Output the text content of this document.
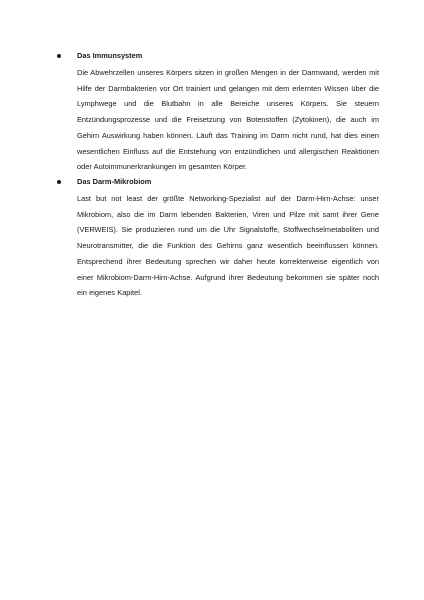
Das Immunsystem

Die Abwehrzellen unseres Körpers sitzen in großen Mengen in der Darmwand, werden mit Hilfe der Darmbakterien vor Ort trainiert und gelangen mit dem erlernten Wissen über die Lymphwege und die Blutbahn in alle Bereiche unseres Körpers. Sie steuern Entzündungsprozesse und die Freisetzung von Botenstoffen (Zytokinen), die auch im Gehirn Auswirkung haben können. Läuft das Training im Darm nicht rund, hat dies einen wesentlichen Einfluss auf die Entstehung von entzündlichen und allergischen Reaktionen oder Autoimmunerkrankungen im gesamten Körper.

Das Darm-Mikrobiom

Last but not least der größte Networking-Spezialist auf der Darm-Hirn-Achse: unser Mikrobiom, also die im Darm lebenden Bakterien, Viren und Pilze mit samt ihrer Gene (VERWEIS). Sie produzieren rund um die Uhr Signalstoffe, Stoffwechselmetaboliten und Neurotransmitter, die die Funktion des Gehirns ganz wesentlich beeinflussen können. Entsprechend ihrer Bedeutung sprechen wir daher heute korrekterweise eigentlich von einer Mikrobiom-Darm-Hirn-Achse. Aufgrund ihrer Bedeutung bekommen sie später noch ein eigenes Kapitel.
